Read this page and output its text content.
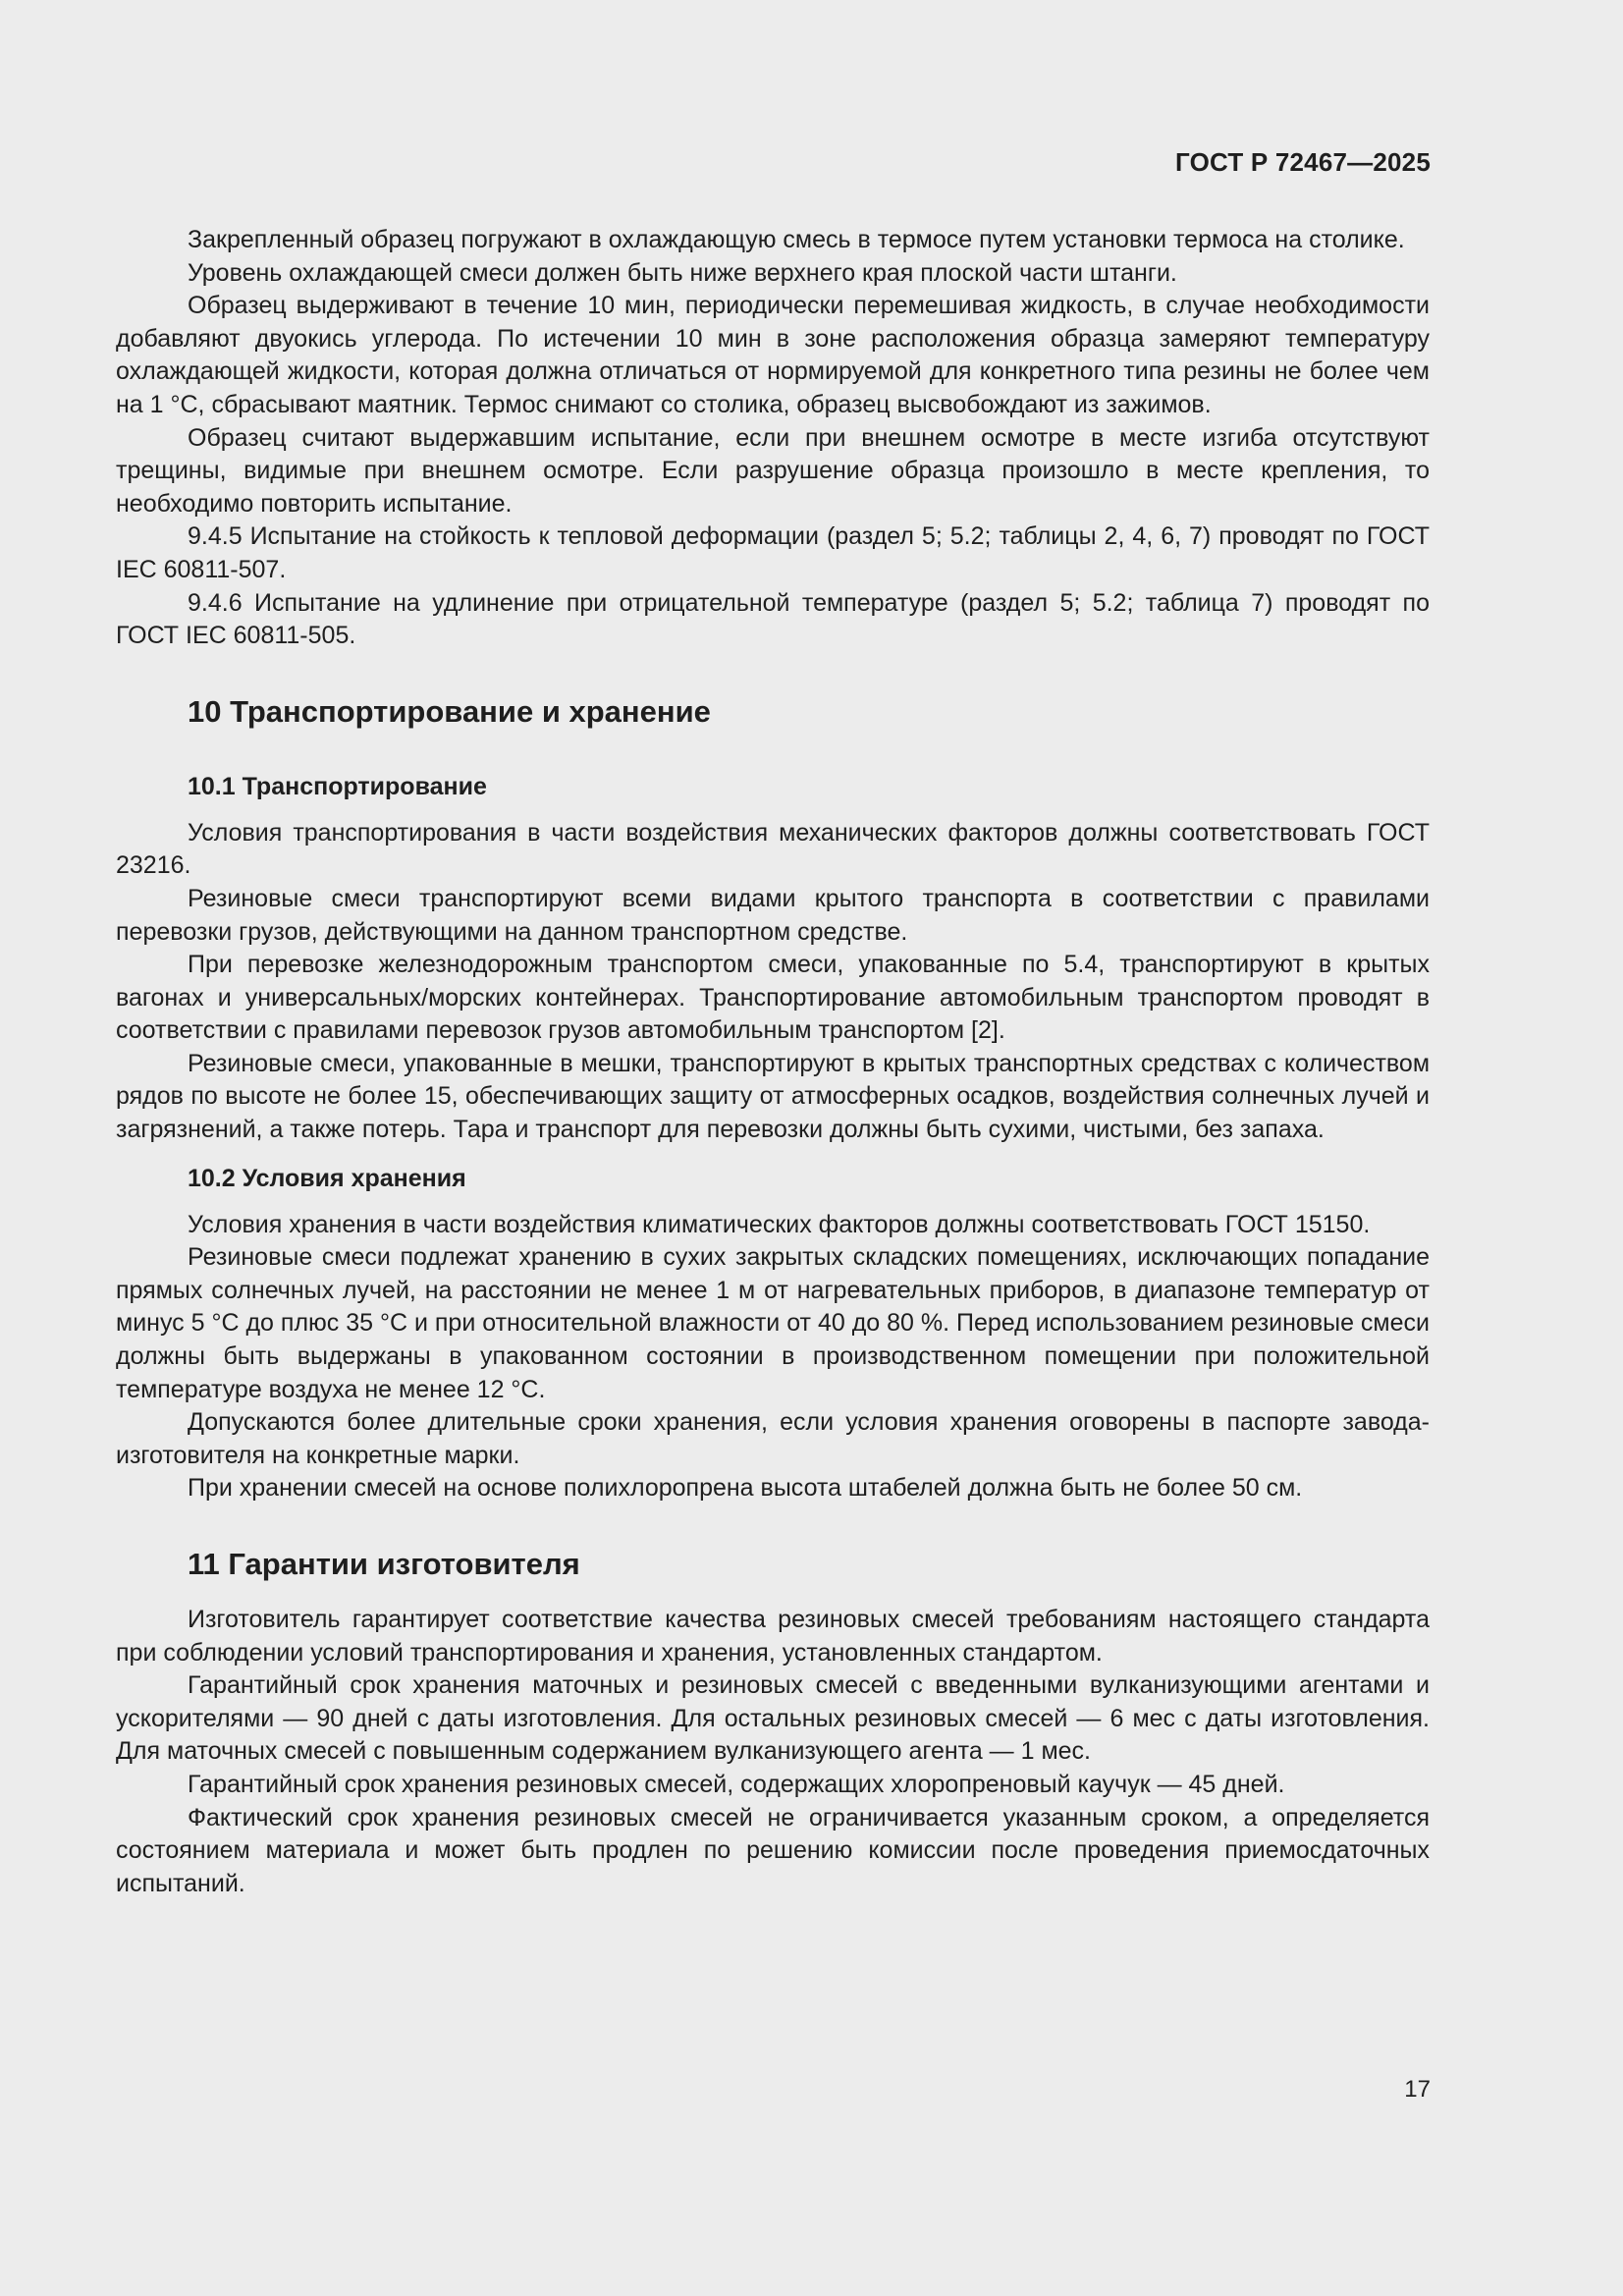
ГОСТ Р 72467—2025

Закрепленный образец погружают в охлаждающую смесь в термосе путем установки термоса на столике.

Уровень охлаждающей смеси должен быть ниже верхнего края плоской части штанги.

Образец выдерживают в течение 10 мин, периодически перемешивая жидкость, в случае необходимости добавляют двуокись углерода. По истечении 10 мин в зоне расположения образца замеряют температуру охлаждающей жидкости, которая должна отличаться от нормируемой для конкретного типа резины не более чем на 1 °С, сбрасывают маятник. Термос снимают со столика, образец высвобождают из зажимов.

Образец считают выдержавшим испытание, если при внешнем осмотре в месте изгиба отсутствуют трещины, видимые при внешнем осмотре. Если разрушение образца произошло в месте крепления, то необходимо повторить испытание.

9.4.5 Испытание на стойкость к тепловой деформации (раздел 5; 5.2; таблицы 2, 4, 6, 7) проводят по ГОСТ IEC 60811-507.

9.4.6 Испытание на удлинение при отрицательной температуре (раздел 5; 5.2; таблица 7) проводят по ГОСТ IEC 60811-505.

10 Транспортирование и хранение
10.1 Транспортирование

Условия транспортирования в части воздействия механических факторов должны соответствовать ГОСТ 23216.

Резиновые смеси транспортируют всеми видами крытого транспорта в соответствии с правилами перевозки грузов, действующими на данном транспортном средстве.

При перевозке железнодорожным транспортом смеси, упакованные по 5.4, транспортируют в крытых вагонах и универсальных/морских контейнерах. Транспортирование автомобильным транспортом проводят в соответствии с правилами перевозок грузов автомобильным транспортом [2].

Резиновые смеси, упакованные в мешки, транспортируют в крытых транспортных средствах с количеством рядов по высоте не более 15, обеспечивающих защиту от атмосферных осадков, воздействия солнечных лучей и загрязнений, а также потерь. Тара и транспорт для перевозки должны быть сухими, чистыми, без запаха.

10.2 Условия хранения

Условия хранения в части воздействия климатических факторов должны соответствовать ГОСТ 15150.

Резиновые смеси подлежат хранению в сухих закрытых складских помещениях, исключающих попадание прямых солнечных лучей, на расстоянии не менее 1 м от нагревательных приборов, в диапазоне температур от минус 5 °С до плюс 35 °С и при относительной влажности от 40 до 80 %. Перед использованием резиновые смеси должны быть выдержаны в упакованном состоянии в производственном помещении при положительной температуре воздуха не менее 12 °С.

Допускаются более длительные сроки хранения, если условия хранения оговорены в паспорте завода-изготовителя на конкретные марки.

При хранении смесей на основе полихлоропрена высота штабелей должна быть не более 50 см.

11 Гарантии изготовителя

Изготовитель гарантирует соответствие качества резиновых смесей требованиям настоящего стандарта при соблюдении условий транспортирования и хранения, установленных стандартом.

Гарантийный срок хранения маточных и резиновых смесей с введенными вулканизующими агентами и ускорителями — 90 дней с даты изготовления. Для остальных резиновых смесей — 6 мес с даты изготовления. Для маточных смесей с повышенным содержанием вулканизующего агента — 1 мес.

Гарантийный срок хранения резиновых смесей, содержащих хлоропреновый каучук — 45 дней.

Фактический срок хранения резиновых смесей не ограничивается указанным сроком, а определяется состоянием материала и может быть продлен по решению комиссии после проведения приемосдаточных испытаний.

17
